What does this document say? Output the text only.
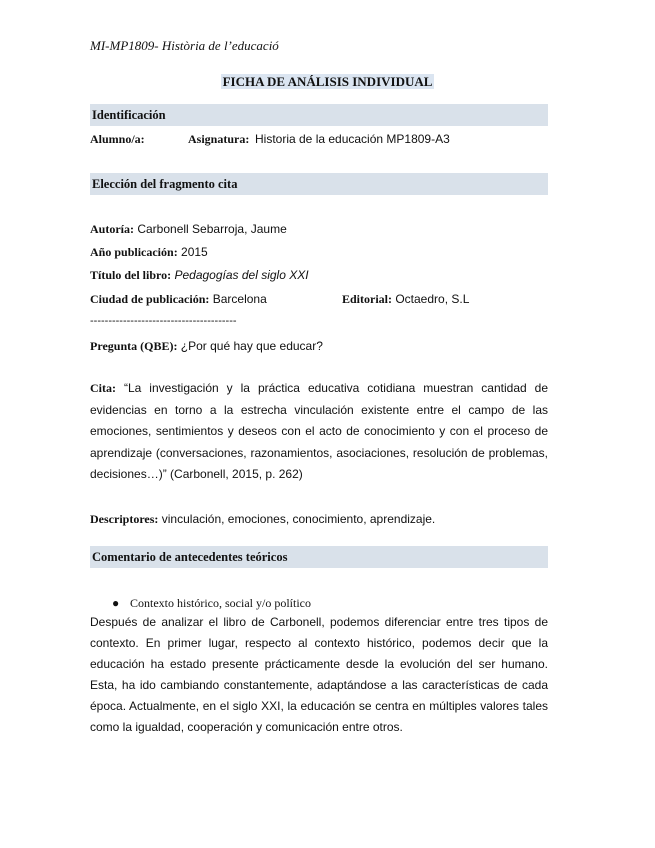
MI-MP1809- Història de l’educació
FICHA DE ANÁLISIS INDIVIDUAL
Identificación
Alumno/a:	Asignatura: Historia de la educación MP1809-A3
Elección del fragmento cita
Autoría: Carbonell Sebarroja, Jaume
Año publicación: 2015
Título del libro: Pedagogías del siglo XXI
Ciudad de publicación: Barcelona	Editorial: Octaedro, S.L
----------------------------------------
Pregunta (QBE): ¿Por qué hay que educar?
Cita: “La investigación y la práctica educativa cotidiana muestran cantidad de evidencias en torno a la estrecha vinculación existente entre el campo de las emociones, sentimientos y deseos con el acto de conocimiento y con el proceso de aprendizaje (conversaciones, razonamientos, asociaciones, resolución de problemas, decisiones…)” (Carbonell, 2015, p. 262)
Descriptores: vinculación, emociones, conocimiento, aprendizaje.
Comentario de antecedentes teóricos
● Contexto histórico, social y/o político
Después de analizar el libro de Carbonell, podemos diferenciar entre tres tipos de contexto. En primer lugar, respecto al contexto histórico, podemos decir que la educación ha estado presente prácticamente desde la evolución del ser humano. Esta, ha ido cambiando constantemente, adaptándose a las características de cada época. Actualmente, en el siglo XXI, la educación se centra en múltiples valores tales como la igualdad, cooperación y comunicación entre otros.
